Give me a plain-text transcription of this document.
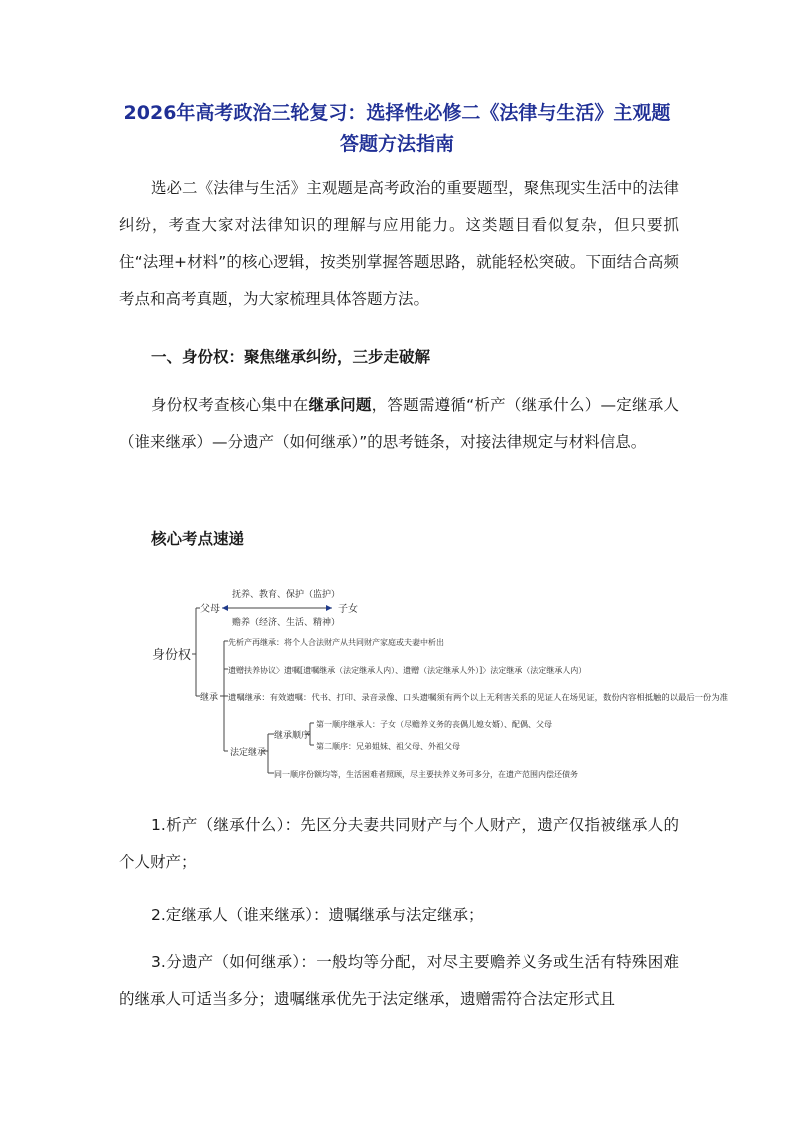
2026年高考政治三轮复习：选择性必修二《法律与生活》主观题
答题方法指南
选必二《法律与生活》主观题是高考政治的重要题型，聚焦现实生活中的法律纠纷，考查大家对法律知识的理解与应用能力。这类题目看似复杂，但只要抓住“法理+材料”的核心逻辑，按类别掌握答题思路，就能轻松突破。下面结合高频考点和高考真题，为大家梳理具体答题方法。
一、身份权：聚焦继承纠纷，三步走破解
身份权考查核心集中在继承问题，答题需遵循“析产（继承什么）—定继承人（谁来继承）—分遗产（如何继承）”的思考链条，对接法律规定与材料信息。
核心考点速递
身份权
父母	子女
抚养、教育、保护（监护）
赡养（经济、生活、精神）
继承
先析产再继承：将个人合法财产从共同财产家庭或夫妻中析出
遗赠扶养协议〉遗嘱[遗嘱继承（法定继承人内）、遗赠（法定继承人外）]〉法定继承（法定继承人内）
遗嘱继承：有效遗嘱：代书、打印、录音录像、口头遗嘱须有两个以上无利害关系的见证人在场见证，数份内容相抵触的以最后一份为准
法定继承
继承顺序
第一顺序继承人：子女（尽赡养义务的丧偶儿媳女婿）、配偶、父母
第二顺序：兄弟姐妹、祖父母、外祖父母
同一顺序份额均等，生活困难者照顾，尽主要扶养义务可多分，在遗产范围内偿还债务
1.析产（继承什么）：先区分夫妻共同财产与个人财产，遗产仅指被继承人的个人财产；
2.定继承人（谁来继承）：遗嘱继承与法定继承；
3.分遗产（如何继承）：一般均等分配，对尽主要赡养义务或生活有特殊困难的继承人可适当多分；遗嘱继承优先于法定继承，遗赠需符合法定形式且
